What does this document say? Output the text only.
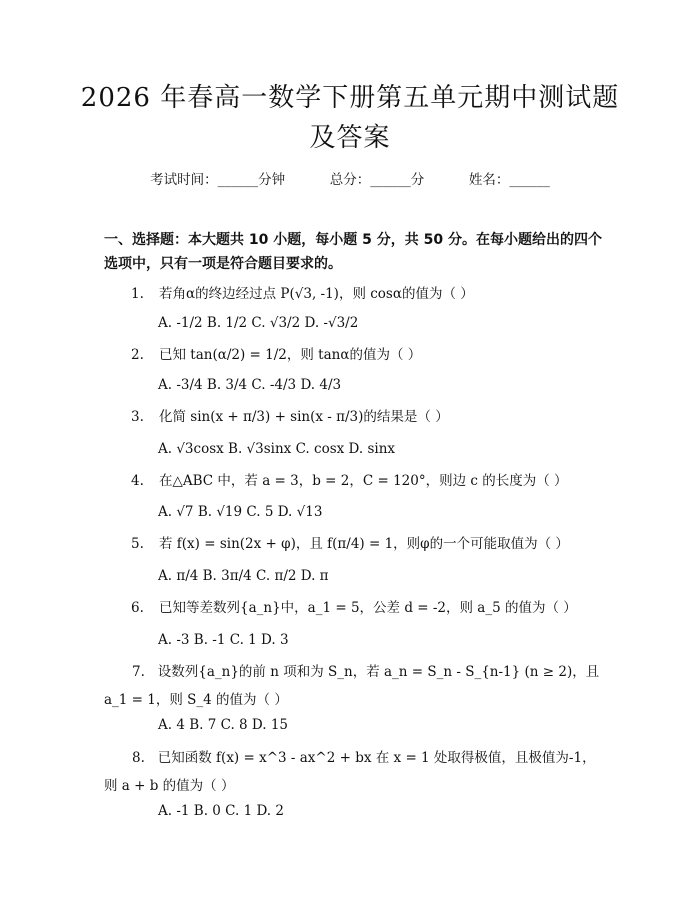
2026 年春高一数学下册第五单元期中测试题
及答案
考试时间：______分钟	总分：______分	姓名：______
一、选择题：本大题共 10 小题，每小题 5 分，共 50 分。在每小题给出的四个选项中，只有一项是符合题目要求的。
1. 若角α的终边经过点 P(√3, -1)，则 cosα的值为（ ）
A. -1/2 B. 1/2 C. √3/2 D. -√3/2
2. 已知 tan(α/2) = 1/2，则 tanα的值为（ ）
A. -3/4 B. 3/4 C. -4/3 D. 4/3
3. 化简 sin(x + π/3) + sin(x - π/3)的结果是（ ）
A. √3cosx B. √3sinx C. cosx D. sinx
4. 在△ABC 中，若 a = 3，b = 2，C = 120°，则边 c 的长度为（ ）
A. √7 B. √19 C. 5 D. √13
5. 若 f(x) = sin(2x + φ)，且 f(π/4) = 1，则φ的一个可能取值为（ ）
A. π/4 B. 3π/4 C. π/2 D. π
6. 已知等差数列{a_n}中，a_1 = 5，公差 d = -2，则 a_5 的值为（ ）
A. -3 B. -1 C. 1 D. 3
7. 设数列{a_n}的前 n 项和为 S_n，若 a_n = S_n - S_{n-1} (n ≥ 2)，且 a_1 = 1，则 S_4 的值为（ ）
A. 4 B. 7 C. 8 D. 15
8. 已知函数 f(x) = x^3 - ax^2 + bx 在 x = 1 处取得极值，且极值为-1，则 a + b 的值为（ ）
A. -1 B. 0 C. 1 D. 2
